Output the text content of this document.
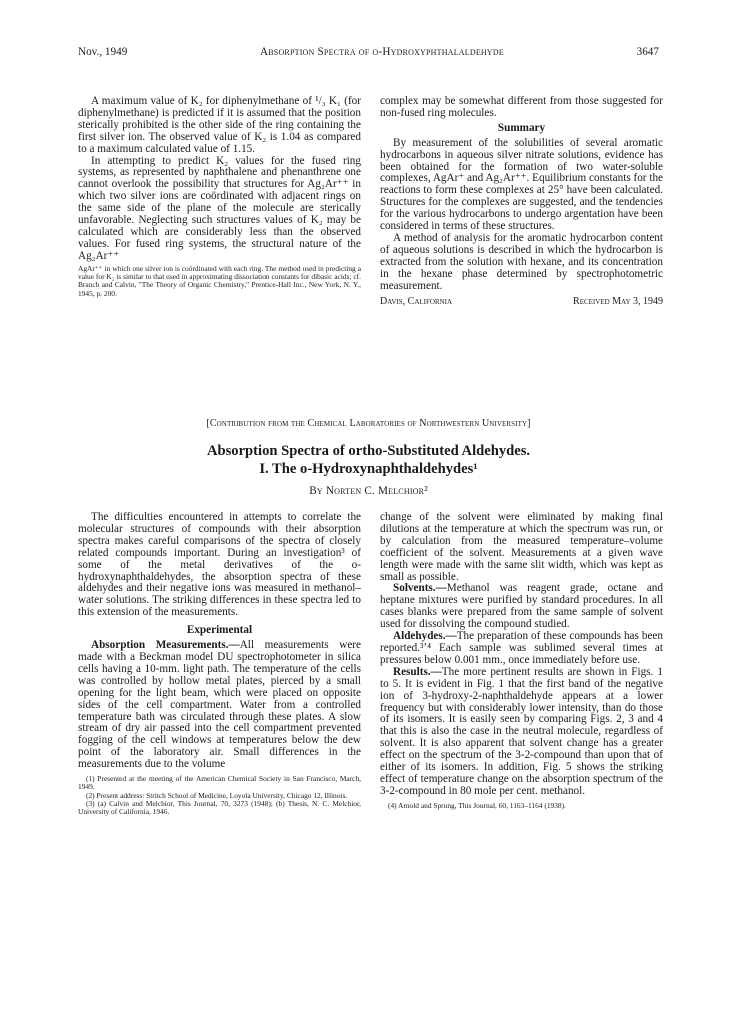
Nov., 1949	Absorption Spectra of o-Hydroxyphthalaldehyde	3647

A maximum value of K₂ for diphenylmethane of ¹/₃ K₁ (for diphenylmethane) is predicted if it is assumed that the position sterically prohibited is the other side of the ring containing the first silver ion. The observed value of K₂ is 1.04 as compared to a maximum calculated value of 1.15.

In attempting to predict K₂ values for the fused ring systems, as represented by naphthalene and phenanthrene one cannot overlook the possibility that structures for Ag₂Ar⁺⁺ in which two silver ions are coördinated with adjacent rings on the same side of the plane of the molecule are sterically unfavorable. Neglecting such structures values of K₂ may be calculated which are considerably less than the observed values. For fused ring systems, the structural nature of the Ag₂Ar⁺⁺

AgAr⁺⁺ in which one silver ion is coördinated with each ring. The method used in predicting a value for K₂ is similar to that used in approximating dissociation constants for dibasic acids; cf. Branch and Calvin, "The Theory of Organic Chemistry," Prentice-Hall Inc., New York, N. Y., 1945, p. 200.

complex may be somewhat different from those suggested for non-fused ring molecules.

Summary

By measurement of the solubilities of several aromatic hydrocarbons in aqueous silver nitrate solutions, evidence has been obtained for the formation of two water-soluble complexes, AgAr⁺ and Ag₂Ar⁺⁺. Equilibrium constants for the reactions to form these complexes at 25° have been calculated. Structures for the complexes are suggested, and the tendencies for the various hydrocarbons to undergo argentation have been considered in terms of these structures.

A method of analysis for the aromatic hydrocarbon content of aqueous solutions is described in which the hydrocarbon is extracted from the solution with hexane, and its concentration in the hexane phase determined by spectrophotometric measurement.

Davis, California	Received May 3, 1949
[Contribution from the Chemical Laboratories of Northwestern University]
Absorption Spectra of ortho-Substituted Aldehydes.
I. The o-Hydroxynaphthaldehydes¹
By Norten C. Melchior²

The difficulties encountered in attempts to correlate the molecular structures of compounds with their absorption spectra makes careful comparisons of the spectra of closely related compounds important. During an investigation³ of some of the metal derivatives of the o-hydroxynaphthaldehydes, the absorption spectra of these aldehydes and their negative ions was measured in methanol–water solutions. The striking differences in these spectra led to this extension of the measurements.

Experimental

Absorption Measurements.—All measurements were made with a Beckman model DU spectrophotometer in silica cells having a 10-mm. light path. The temperature of the cells was controlled by hollow metal plates, pierced by a small opening for the light beam, which were placed on opposite sides of the cell compartment. Water from a controlled temperature bath was circulated through these plates. A slow stream of dry air passed into the cell compartment prevented fogging of the cell windows at temperatures below the dew point of the laboratory air. Small differences in the measurements due to the volume

(1) Presented at the meeting of the American Chemical Society in San Francisco, March, 1949.

(2) Present address: Stritch School of Medicine, Loyola University, Chicago 12, Illinois.

(3) (a) Calvin and Melchior, This Journal, 70, 3273 (1948); (b) Thesis, N. C. Melchior, University of California, 1946.

change of the solvent were eliminated by making final dilutions at the temperature at which the spectrum was run, or by calculation from the measured temperature–volume coefficient of the solvent. Measurements at a given wave length were made with the same slit width, which was kept as small as possible.

Solvents.—Methanol was reagent grade, octane and heptane mixtures were purified by standard procedures. In all cases blanks were prepared from the same sample of solvent used for dissolving the compound studied.

Aldehydes.—The preparation of these compounds has been reported.³ʼ⁴ Each sample was sublimed several times at pressures below 0.001 mm., once immediately before use.

Results.—The more pertinent results are shown in Figs. 1 to 5. It is evident in Fig. 1 that the first band of the negative ion of 3-hydroxy-2-naphthaldehyde appears at a lower frequency but with considerably lower intensity, than do those of its isomers. It is easily seen by comparing Figs. 2, 3 and 4 that this is also the case in the neutral molecule, regardless of solvent. It is also apparent that solvent change has a greater effect on the spectrum of the 3-2-compound than upon that of either of its isomers. In addition, Fig. 5 shows the striking effect of temperature change on the absorption spectrum of the 3-2-compound in 80 mole per cent. methanol.

(4) Arnold and Sprung, This Journal, 60, 1163–1164 (1938).
